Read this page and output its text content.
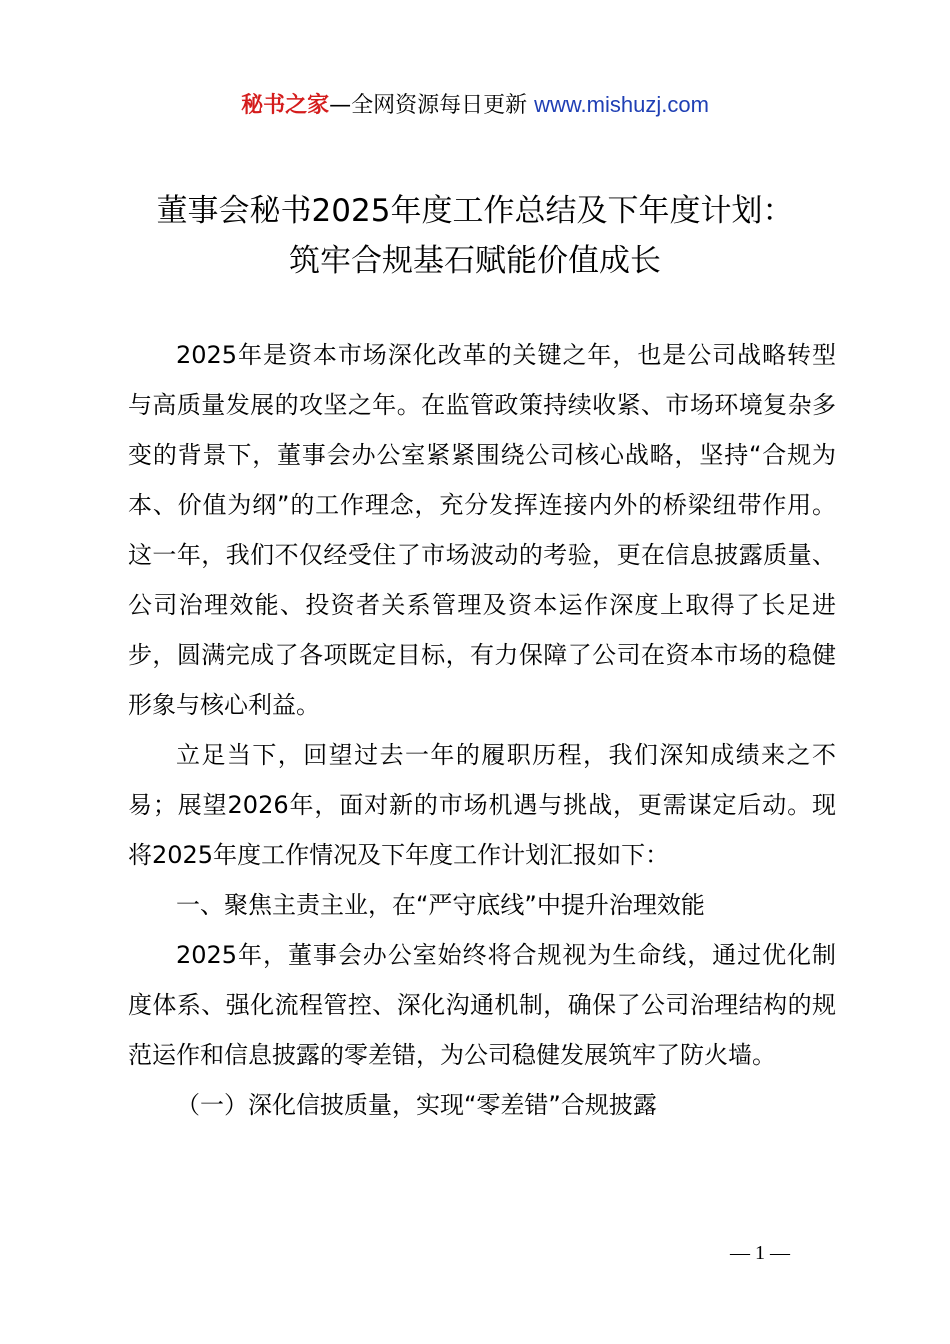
秘书之家—全网资源每日更新 www.mishuzj.com
董事会秘书2025年度工作总结及下年度计划：
筑牢合规基石赋能价值成长

2025年是资本市场深化改革的关键之年，也是公司战略转型与高质量发展的攻坚之年。在监管政策持续收紧、市场环境复杂多变的背景下，董事会办公室紧紧围绕公司核心战略，坚持“合规为本、价值为纲”的工作理念，充分发挥连接内外的桥梁纽带作用。这一年，我们不仅经受住了市场波动的考验，更在信息披露质量、公司治理效能、投资者关系管理及资本运作深度上取得了长足进步，圆满完成了各项既定目标，有力保障了公司在资本市场的稳健形象与核心利益。

立足当下，回望过去一年的履职历程，我们深知成绩来之不易；展望2026年，面对新的市场机遇与挑战，更需谋定后动。现将2025年度工作情况及下年度工作计划汇报如下：

一、聚焦主责主业，在“严守底线”中提升治理效能

2025年，董事会办公室始终将合规视为生命线，通过优化制度体系、强化流程管控、深化沟通机制，确保了公司治理结构的规范运作和信息披露的零差错，为公司稳健发展筑牢了防火墙。

（一）深化信披质量，实现“零差错”合规披露

— 1 —
